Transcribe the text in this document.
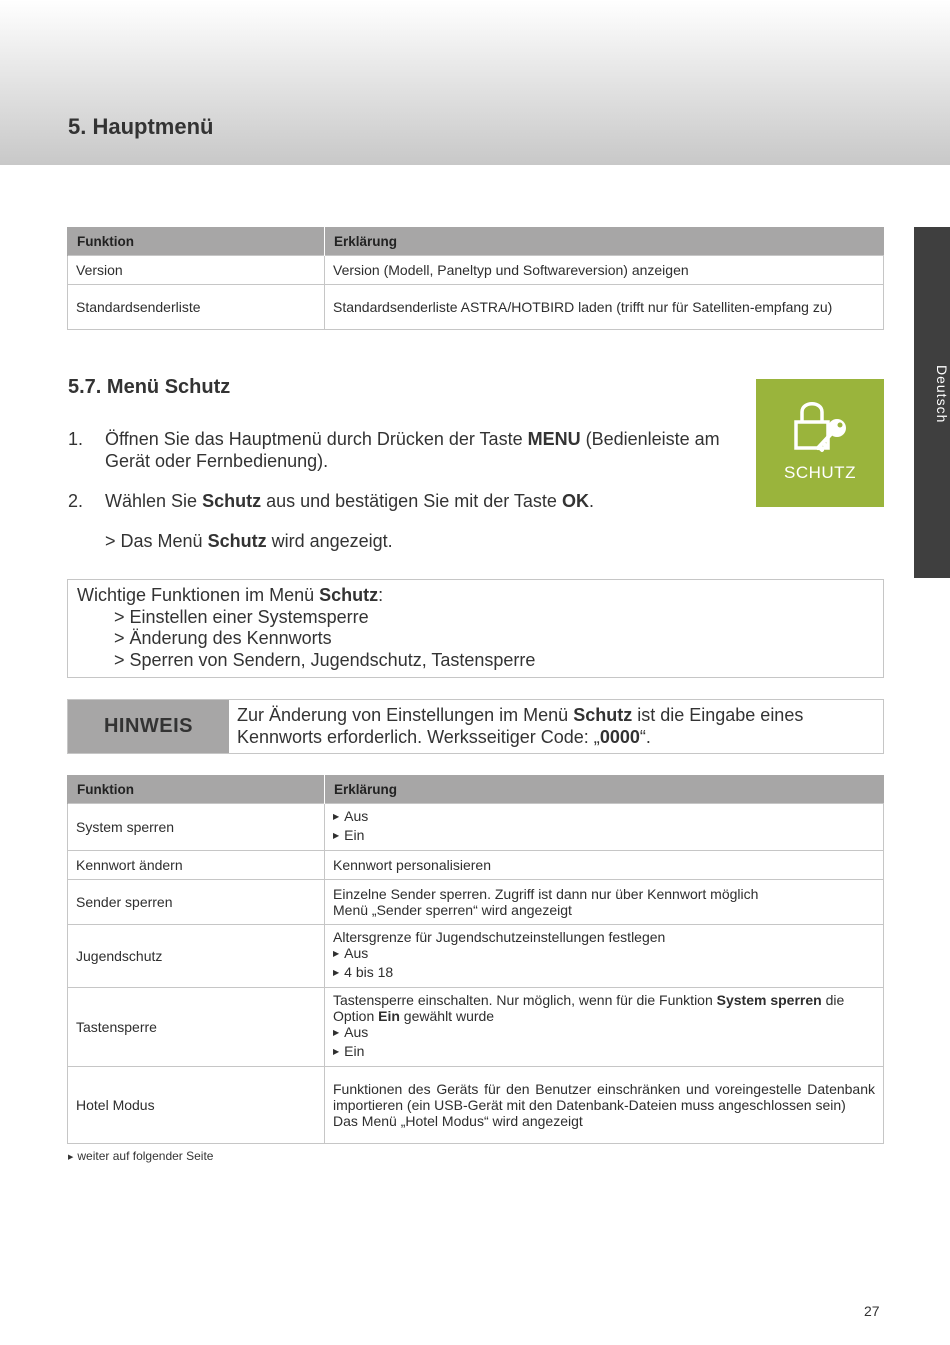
5. Hauptmenü
Deutsch
Funktion	Erklärung
Version	Version (Modell, Paneltyp und Softwareversion) anzeigen
Standardsenderliste	Standardsenderliste ASTRA/HOTBIRD laden (trifft nur für Satelliten-empfang zu)
5.7. Menü Schutz
1. Öffnen Sie das Hauptmenü durch Drücken der Taste MENU (Bedienleiste am Gerät oder Fernbedienung).
2. Wählen Sie Schutz aus und bestätigen Sie mit der Taste OK.
> Das Menü Schutz wird angezeigt.
SCHUTZ
Wichtige Funktionen im Menü Schutz:
> Einstellen einer Systemsperre
> Änderung des Kennworts
> Sperren von Sendern, Jugendschutz, Tastensperre
HINWEIS	Zur Änderung von Einstellungen im Menü Schutz ist die Eingabe eines Kennworts erforderlich. Werksseitiger Code: „0000“.
Funktion	Erklärung
System sperren	▶ Aus
▶ Ein

Kennwort ändern	Kennwort personalisieren
Sender sperren	Einzelne Sender sperren. Zugriff ist dann nur über Kennwort möglich
Menü „Sender sperren“ wird angezeigt

Jugendschutz	Altersgrenze für Jugendschutzeinstellungen festlegen
▶ Aus
▶ 4 bis 18

Tastensperre	Tastensperre einschalten. Nur möglich, wenn für die Funktion System sperren die Option Ein gewählt wurde
▶ Aus
▶ Ein

Hotel Modus	Funktionen des Geräts für den Benutzer einschränken und voreingestelle Datenbank importieren (ein USB-Gerät mit den Datenbank-Dateien muss angeschlossen sein)
Das Menü „Hotel Modus“ wird angezeigt
▶ weiter auf folgender Seite
27
